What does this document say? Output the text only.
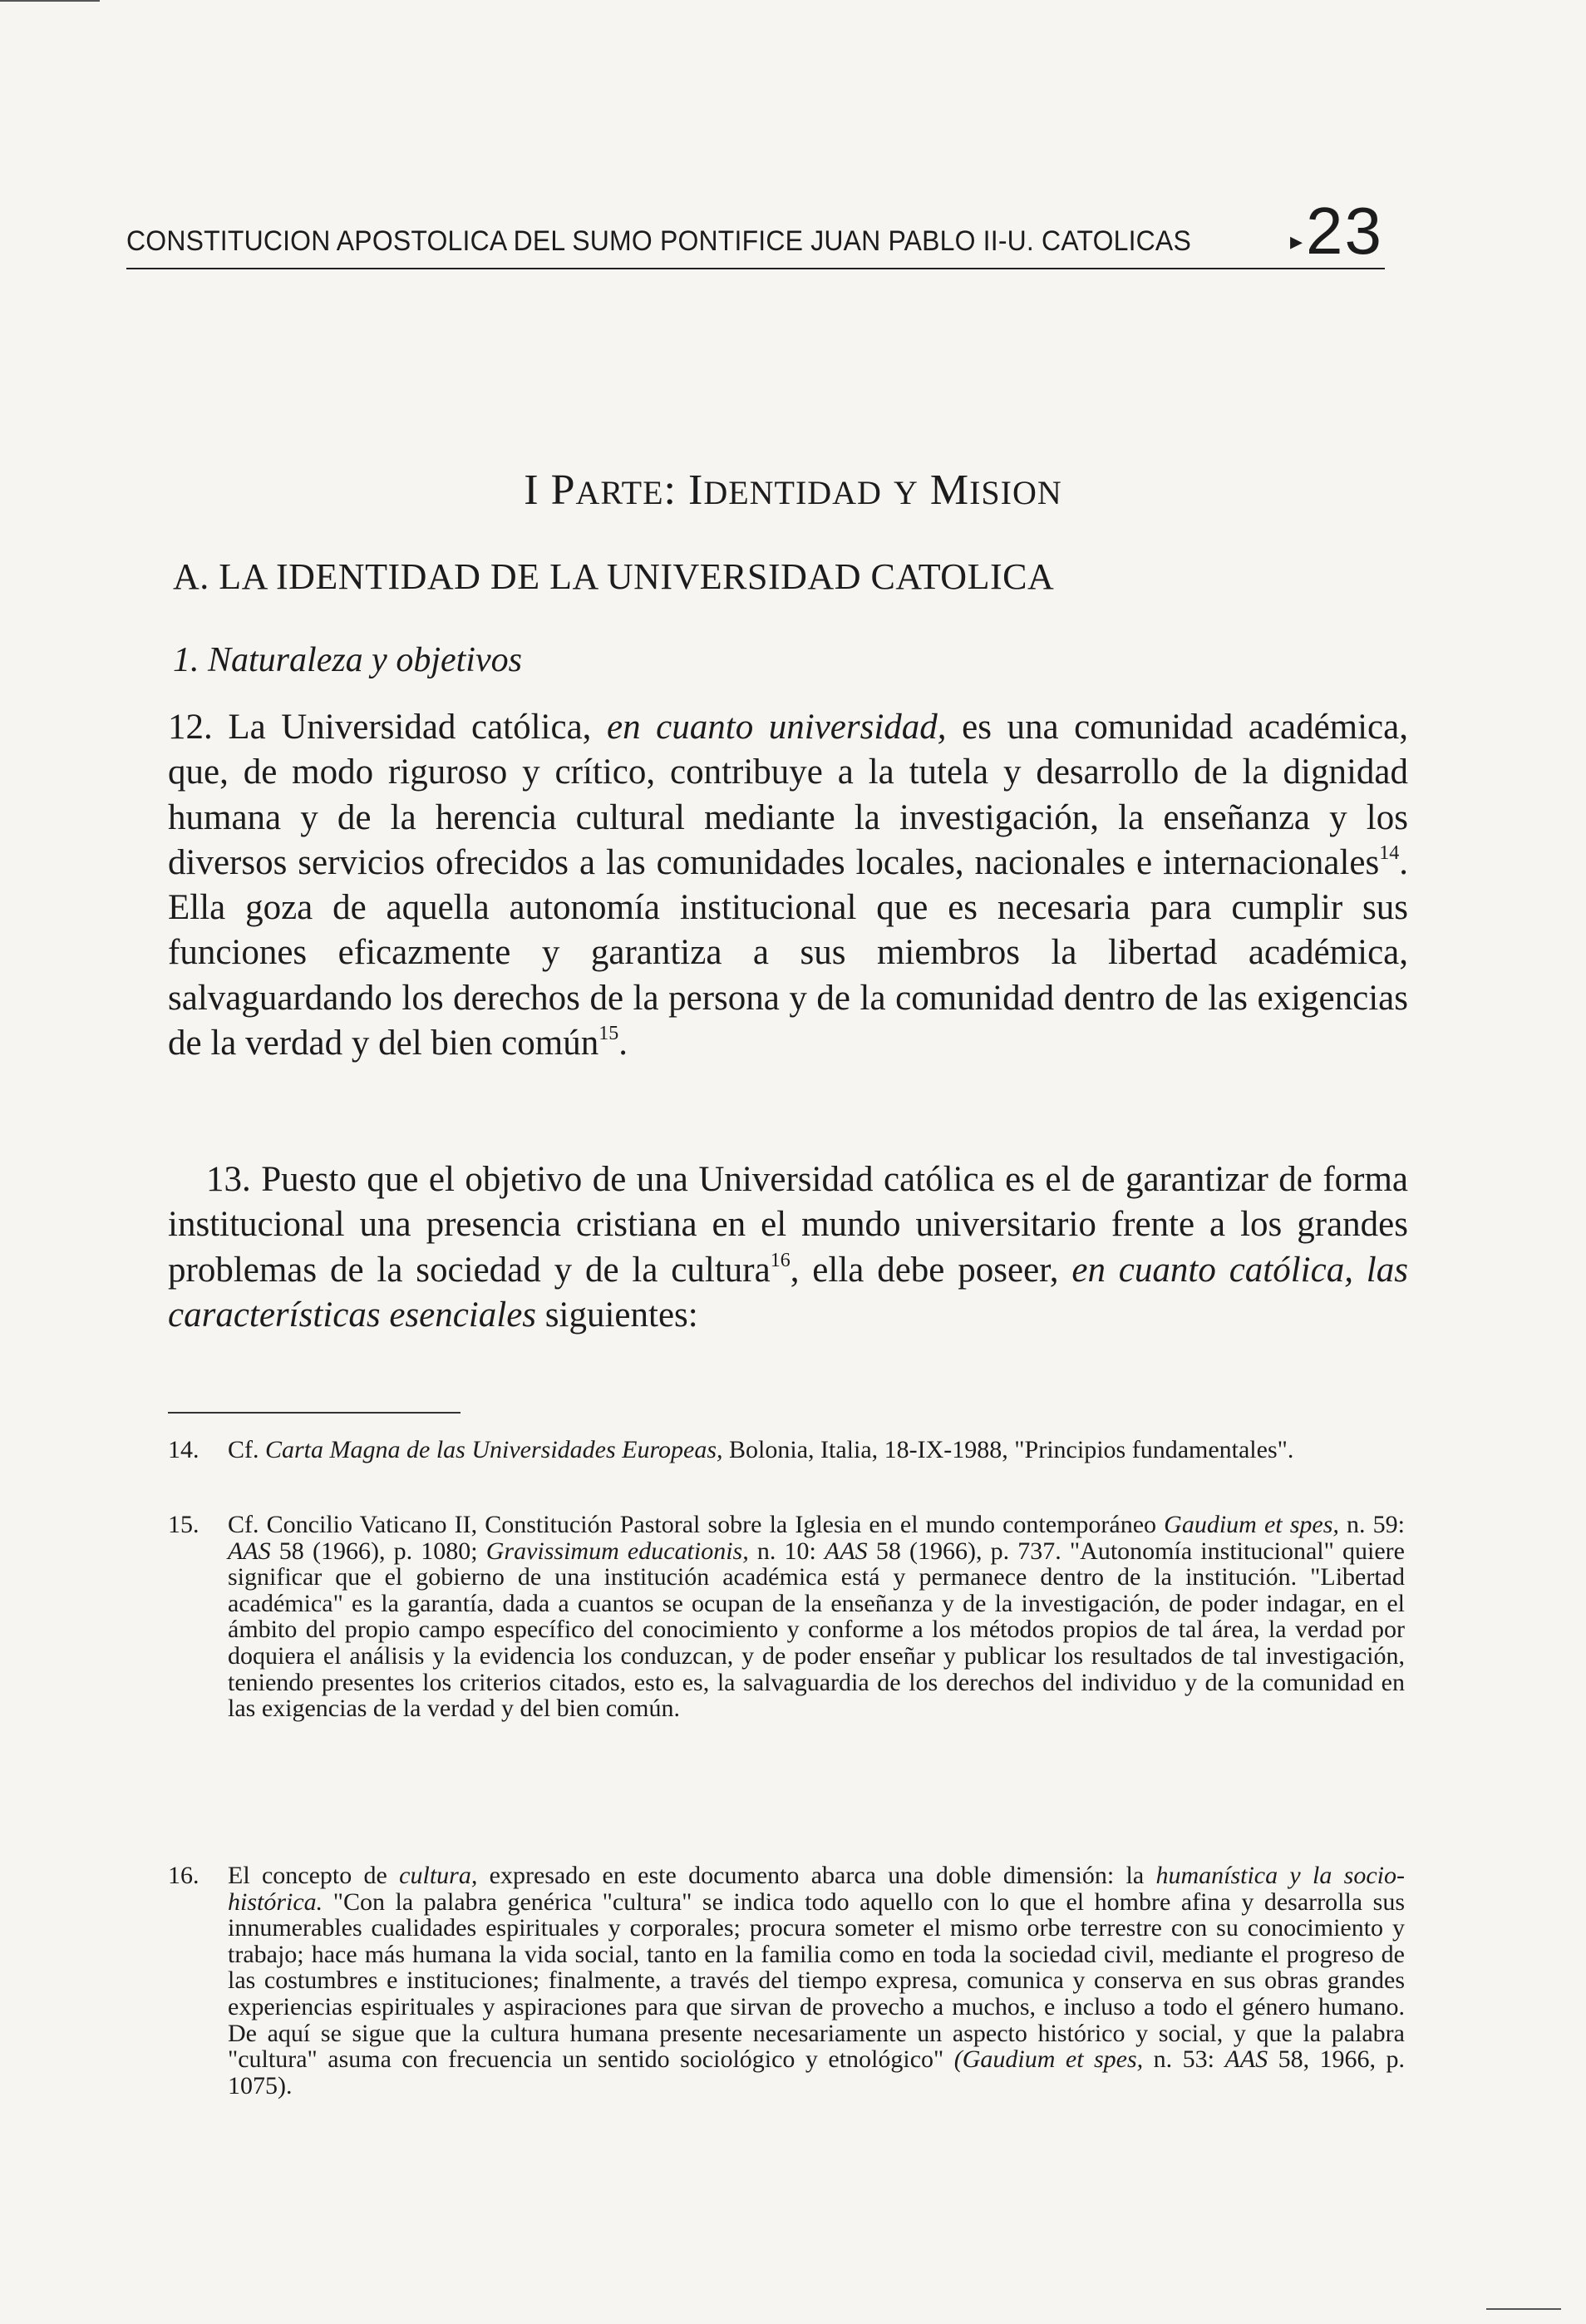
CONSTITUCION APOSTOLICA DEL SUMO PONTIFICE JUAN PABLO II-U. CATOLICAS	▸ 23
I PARTE: IDENTIDAD Y MISION
A. LA IDENTIDAD DE LA UNIVERSIDAD CATOLICA
1. Naturaleza y objetivos
12. La Universidad católica, en cuanto universidad, es una comunidad académica, que, de modo riguroso y crítico, contribuye a la tutela y desarrollo de la dignidad humana y de la herencia cultural mediante la investigación, la enseñanza y los diversos servicios ofrecidos a las comunidades locales, nacionales e internacionales$^{14}$. Ella goza de aquella autonomía institucional que es necesaria para cumplir sus funciones eficazmente y garantiza a sus miembros la libertad académica, salvaguardando los derechos de la persona y de la comunidad dentro de las exigencias de la verdad y del bien común$^{15}$.
13. Puesto que el objetivo de una Universidad católica es el de garantizar de forma institucional una presencia cristiana en el mundo universitario frente a los grandes problemas de la sociedad y de la cultura$^{16}$, ella debe poseer, en cuanto católica, las características esenciales siguientes:
14.	Cf. Carta Magna de las Universidades Europeas, Bolonia, Italia, 18-IX-1988, "Principios fundamentales".
15.	Cf. Concilio Vaticano II, Constitución Pastoral sobre la Iglesia en el mundo contemporáneo Gaudium et spes, n. 59: AAS 58 (1966), p. 1080; Gravissimum educationis, n. 10: AAS 58 (1966), p. 737. "Autonomía institucional" quiere significar que el gobierno de una institución académica está y permanece dentro de la institución. "Libertad académica" es la garantía, dada a cuantos se ocupan de la enseñanza y de la investigación, de poder indagar, en el ámbito del propio campo específico del conocimiento y conforme a los métodos propios de tal área, la verdad por doquiera el análisis y la evidencia los conduzcan, y de poder enseñar y publicar los resultados de tal investigación, teniendo presentes los criterios citados, esto es, la salvaguardia de los derechos del individuo y de la comunidad en las exigencias de la verdad y del bien común.
16.	El concepto de cultura, expresado en este documento abarca una doble dimensión: la humanística y la socio-histórica. "Con la palabra genérica "cultura" se indica todo aquello con lo que el hombre afina y desarrolla sus innumerables cualidades espirituales y corporales; procura someter el mismo orbe terrestre con su conocimiento y trabajo; hace más humana la vida social, tanto en la familia como en toda la sociedad civil, mediante el progreso de las costumbres e instituciones; finalmente, a través del tiempo expresa, comunica y conserva en sus obras grandes experiencias espirituales y aspiraciones para que sirvan de provecho a muchos, e incluso a todo el género humano. De aquí se sigue que la cultura humana presente necesariamente un aspecto histórico y social, y que la palabra "cultura" asuma con frecuencia un sentido sociológico y etnológico" (Gaudium et spes, n. 53: AAS 58, 1966, p. 1075).
